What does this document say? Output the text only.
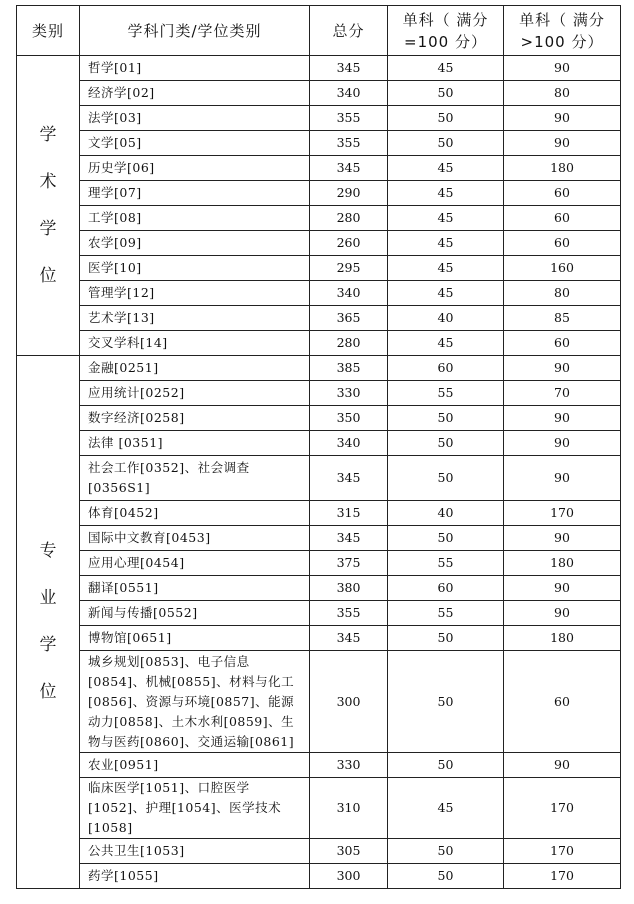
类别	学科门类/学位类别	总分	单科（ 满分=100 分）	单科（ 满分>100 分）
学术学位	哲学[01]	345	45	90
	经济学[02]	340	50	80
	法学[03]	355	50	90
	文学[05]	355	50	90
	历史学[06]	345	45	180
	理学[07]	290	45	60
	工学[08]	280	45	60
	农学[09]	260	45	60
	医学[10]	295	45	160
	管理学[12]	340	45	80
	艺术学[13]	365	40	85
	交叉学科[14]	280	45	60
专业学位	金融[0251]	385	60	90
	应用统计[0252]	330	55	70
	数字经济[0258]	350	50	90
	法律 [0351]	340	50	90
	社会工作[0352]、社会调查[0356S1]	345	50	90
	体育[0452]	315	40	170
	国际中文教育[0453]	345	50	90
	应用心理[0454]	375	55	180
	翻译[0551]	380	60	90
	新闻与传播[0552]	355	55	90
	博物馆[0651]	345	50	180
	城乡规划[0853]、电子信息[0854]、机械[0855]、材料与化工[0856]、资源与环境[0857]、能源动力[0858]、土木水利[0859]、生物与医药[0860]、交通运输[0861]	300	50	60
	农业[0951]	330	50	90
	临床医学[1051]、口腔医学[1052]、护理[1054]、医学技术[1058]	310	45	170
	公共卫生[1053]	305	50	170
	药学[1055]	300	50	170
